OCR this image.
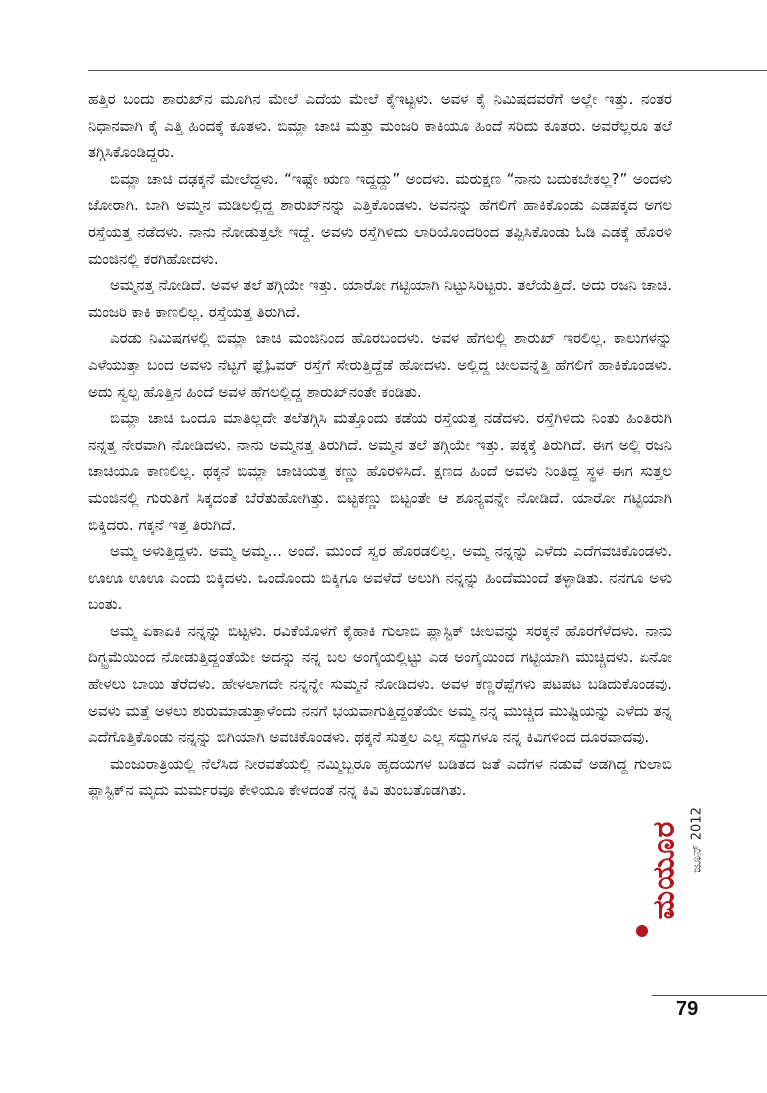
ಹತ್ತಿರ ಬಂದು ಶಾರುಖ್‌ನ ಮೂಗಿನ ಮೇಲೆ ಎದೆಯ ಮೇಲೆ ಕೈಇಟ್ಟಳು. ಅವಳ ಕೈ ನಿಮಿಷದವರೆಗೆ ಅಲ್ಲೇ ಇತ್ತು. ನಂತರ ನಿಧಾನವಾಗಿ ಕೈ ಎತ್ತಿ ಹಿಂದಕ್ಕೆ ಕೂತಳು. ಬಿಮ್ಲಾ ಚಾಚಿ ಮತ್ತು ಮಂಜರಿ ಕಾಕಿಯೂ ಹಿಂದೆ ಸರಿದು ಕೂತರು. ಅವರೆಲ್ಲರೂ ತಲೆ ತಗ್ಗಿಸಿಕೊಂಡಿದ್ದರು.

ಬಿಮ್ಲಾ ಚಾಚಿ ದಢಕ್ಕನೆ ಮೇಲೆದ್ದಳು. “ಇಷ್ಟೇ ಋಣ ಇದ್ದದ್ದು” ಅಂದಳು. ಮರುಕ್ಷಣ “ನಾನು ಬದುಕಬೇಕಲ್ಲ?” ಅಂದಳು ಜೋರಾಗಿ. ಬಾಗಿ ಅಮ್ಮನ ಮಡಿಲಲ್ಲಿದ್ದ ಶಾರುಖ್‌ನನ್ನು ಎತ್ತಿಕೊಂಡಳು. ಅವನನ್ನು ಹೆಗಲಿಗೆ ಹಾಕಿಕೊಂಡು ಎಡಪಕ್ಕದ ಅಗಲ ರಸ್ತೆಯತ್ತ ನಡೆದಳು. ನಾನು ನೋಡುತ್ತಲೇ ಇದ್ದೆ. ಅವಳು ರಸ್ತೆಗಿಳಿದು ಲಾರಿಯೊಂದರಿಂದ ತಪ್ಪಿಸಿಕೊಂಡು ಓಡಿ ಎಡಕ್ಕೆ ಹೊರಳಿ ಮಂಜಿನಲ್ಲಿ ಕರಗಿಹೋದಳು.

ಅಮ್ಮನತ್ತ ನೋಡಿದೆ. ಅವಳ ತಲೆ ತಗ್ಗಿಯೇ ಇತ್ತು. ಯಾರೋ ಗಟ್ಟಿಯಾಗಿ ನಿಟ್ಟುಸಿರಿಟ್ಟರು. ತಲೆಯೆತ್ತಿದೆ. ಅದು ರಜನಿ ಚಾಚಿ. ಮಂಜರಿ ಕಾಕಿ ಕಾಣಲಿಲ್ಲ. ರಸ್ತೆಯತ್ತ ತಿರುಗಿದೆ.

ಎರಡು ನಿಮಿಷಗಳಲ್ಲಿ ಬಿಮ್ಲಾ ಚಾಚಿ ಮಂಜಿನಿಂದ ಹೊರಬಂದಳು. ಅವಳ ಹೆಗಲಲ್ಲಿ ಶಾರುಖ್ ಇರಲಿಲ್ಲ. ಕಾಲುಗಳನ್ನು ಎಳೆಯುತ್ತಾ ಬಂದ ಅವಳು ನೆಟ್ಟಗೆ ಫ್ಲೈಓವರ್ ರಸ್ತೆಗೆ ಸೇರುತ್ತಿದ್ದೆಡೆ ಹೋದಳು. ಅಲ್ಲಿದ್ದ ಚೀಲವನ್ನೆತ್ತಿ ಹೆಗಲಿಗೆ ಹಾಕಿಕೊಂಡಳು. ಅದು ಸ್ವಲ್ಪ ಹೊತ್ತಿನ ಹಿಂದೆ ಅವಳ ಹೆಗಲಲ್ಲಿದ್ದ ಶಾರುಖ್‌ನಂತೇ ಕಂಡಿತು.

ಬಿಮ್ಲಾ ಚಾಚಿ ಒಂದೂ ಮಾತಿಲ್ಲದೇ ತಲೆತಗ್ಗಿಸಿ ಮತ್ತೊಂದು ಕಡೆಯ ರಸ್ತೆಯತ್ತ ನಡೆದಳು. ರಸ್ತೆಗಿಳಿದು ನಿಂತು ಹಿಂತಿರುಗಿ ನನ್ನತ್ತ ನೇರವಾಗಿ ನೋಡಿದಳು. ನಾನು ಅಮ್ಮನತ್ತ ತಿರುಗಿದೆ. ಅಮ್ಮನ ತಲೆ ತಗ್ಗಿಯೇ ಇತ್ತು. ಪಕ್ಕಕ್ಕೆ ತಿರುಗಿದೆ. ಈಗ ಅಲ್ಲಿ ರಜನಿ ಚಾಚಿಯೂ ಕಾಣಲಿಲ್ಲ. ಥಕ್ಕನೆ ಬಿಮ್ಲಾ ಚಾಚಿಯತ್ತ ಕಣ್ಣು ಹೊರಳಿಸಿದೆ. ಕ್ಷಣದ ಹಿಂದೆ ಅವಳು ನಿಂತಿದ್ದ ಸ್ಥಳ ಈಗ ಸುತ್ತಲ ಮಂಜಿನಲ್ಲಿ ಗುರುತಿಗೆ ಸಿಕ್ಕದಂತೆ ಬೆರೆತುಹೋಗಿತ್ತು. ಬಿಟ್ಟಕಣ್ಣು ಬಿಟ್ಟಂತೇ ಆ ಶೂನ್ಯವನ್ನೇ ನೋಡಿದೆ. ಯಾರೋ ಗಟ್ಟಿಯಾಗಿ ಬಿಕ್ಕಿದರು. ಗಕ್ಕನೆ ಇತ್ತ ತಿರುಗಿದೆ.

ಅಮ್ಮ ಅಳುತ್ತಿದ್ದಳು. ಅಮ್ಮ ಅಮ್ಮ... ಅಂದೆ. ಮುಂದೆ ಸ್ವರ ಹೊರಡಲಿಲ್ಲ. ಅಮ್ಮ ನನ್ನನ್ನು ಎಳೆದು ಎದೆಗವಚಿಕೊಂಡಳು. ಊಊ ಊಊ ಎಂದು ಬಿಕ್ಕಿದಳು. ಒಂದೊಂದು ಬಿಕ್ಕಿಗೂ ಅವಳೆದೆ ಅಲುಗಿ ನನ್ನನ್ನು ಹಿಂದೆಮುಂದೆ ತಳ್ಳಾಡಿತು. ನನಗೂ ಅಳು ಬಂತು.

ಅಮ್ಮ ಏಕಾಏಕಿ ನನ್ನನ್ನು ಬಿಟ್ಟಳು. ರವಿಕೆಯೊಳಗೆ ಕೈಹಾಕಿ ಗುಲಾಬಿ ಪ್ಲಾಸ್ಟಿಕ್ ಚೀಲವನ್ನು ಸರಕ್ಕನೆ ಹೊರಗೆಳೆದಳು. ನಾನು ದಿಗ್ಭ್ರಮೆಯಿಂದ ನೋಡುತ್ತಿದ್ದಂತೆಯೇ ಅದನ್ನು ನನ್ನ ಬಲ ಅಂಗೈಯಲ್ಲಿಟ್ಟು ಎಡ ಅಂಗೈಯಿಂದ ಗಟ್ಟಿಯಾಗಿ ಮುಚ್ಚಿದಳು. ಏನೋ ಹೇಳಲು ಬಾಯಿ ತೆರೆದಳು. ಹೇಳಲಾಗದೇ ನನ್ನನ್ನೇ ಸುಮ್ಮನೆ ನೋಡಿದಳು. ಅವಳ ಕಣ್ಣರೆಪ್ಪೆಗಳು ಪಟಪಟ ಬಡಿದುಕೊಂಡವು. ಅವಳು ಮತ್ತೆ ಅಳಲು ಶುರುಮಾಡುತ್ತಾಳೆಂದು ನನಗೆ ಭಯವಾಗುತ್ತಿದ್ದಂತೆಯೇ ಅಮ್ಮ ನನ್ನ ಮುಚ್ಚಿದ ಮುಷ್ಟಿಯನ್ನು ಎಳೆದು ತನ್ನ ಎದೆಗೊತ್ತಿಕೊಂಡು ನನ್ನನ್ನು ಬಿಗಿಯಾಗಿ ಅವಚಿಕೊಂಡಳು. ಥಕ್ಕನೆ ಸುತ್ತಲ ಎಲ್ಲ ಸದ್ದುಗಳೂ ನನ್ನ ಕಿವಿಗಳಿಂದ ದೂರವಾದವು.

ಮಂಜುರಾತ್ರಿಯಲ್ಲಿ ನೆಲೆಸಿದ ನೀರವತೆಯಲ್ಲಿ ನಮ್ಮಿಬ್ಬರೂ ಹೃದಯಗಳ ಬಡಿತದ ಜತೆ ಎದೆಗಳ ನಡುವೆ ಅಡಗಿದ್ದ ಗುಲಾಬಿ ಪ್ಲಾಸ್ಟಿಕ್‌ನ ಮೃದು ಮರ್ಮರವೂ ಕೇಳಿಯೂ ಕೇಳದಂತೆ ನನ್ನ ಕಿವಿ ತುಂಬತೊಡಗಿತು.

ಜೂನ್ 2012
ಮಯೂರ
79
